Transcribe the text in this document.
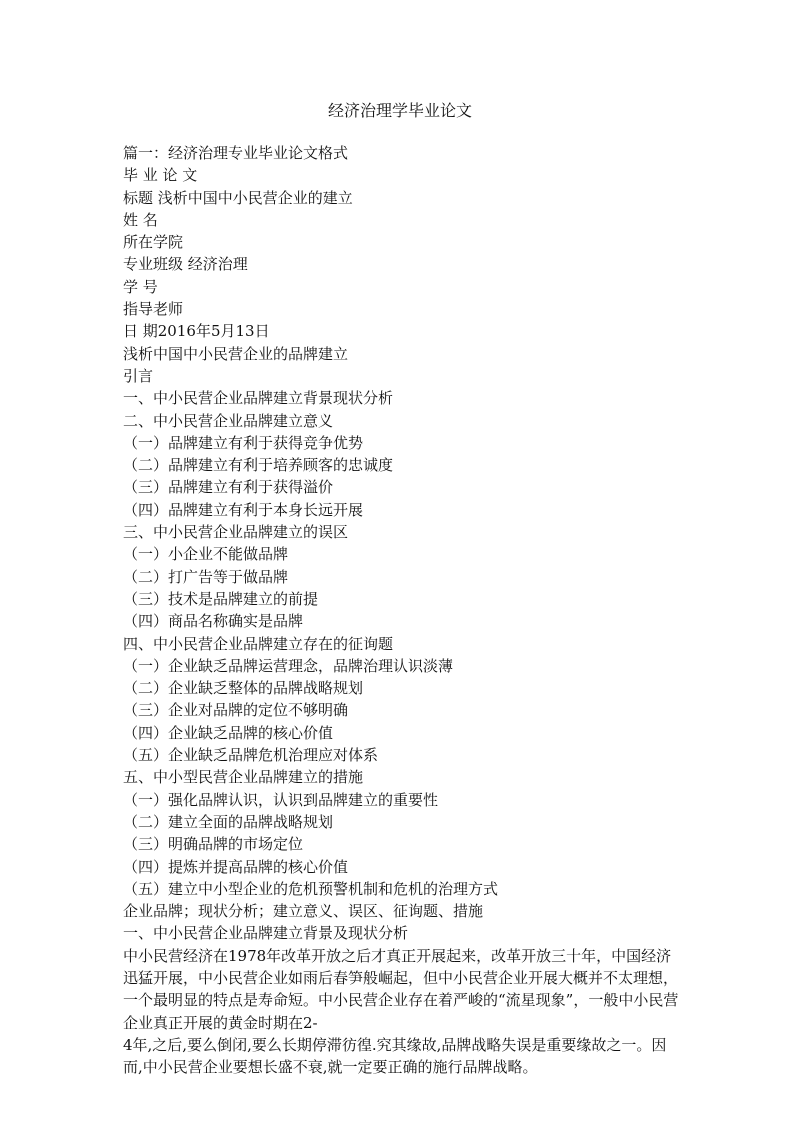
经济治理学毕业论文
篇一：经济治理专业毕业论文格式
毕 业 论 文
标题 浅析中国中小民营企业的建立
姓 名
所在学院
专业班级 经济治理
学 号
指导老师
日 期2016年5月13日
浅析中国中小民营企业的品牌建立
引言
一、中小民营企业品牌建立背景现状分析
二、中小民营企业品牌建立意义
（一）品牌建立有利于获得竞争优势
（二）品牌建立有利于培养顾客的忠诚度
（三）品牌建立有利于获得溢价
（四）品牌建立有利于本身长远开展
三、中小民营企业品牌建立的误区
（一）小企业不能做品牌
（二）打广告等于做品牌
（三）技术是品牌建立的前提
（四）商品名称确实是品牌
四、中小民营企业品牌建立存在的征询题
（一）企业缺乏品牌运营理念，品牌治理认识淡薄
（二）企业缺乏整体的品牌战略规划
（三）企业对品牌的定位不够明确
（四）企业缺乏品牌的核心价值
（五）企业缺乏品牌危机治理应对体系
五、中小型民营企业品牌建立的措施
（一）强化品牌认识，认识到品牌建立的重要性
（二）建立全面的品牌战略规划
（三）明确品牌的市场定位
（四）提炼并提高品牌的核心价值
（五）建立中小型企业的危机预警机制和危机的治理方式
企业品牌；现状分析；建立意义、误区、征询题、措施
一、中小民营企业品牌建立背景及现状分析
中小民营经济在1978年改革开放之后才真正开展起来，改革开放三十年，中国经济迅猛开展，中小民营企业如雨后春笋般崛起，但中小民营企业开展大概并不太理想，一个最明显的特点是寿命短。中小民营企业存在着严峻的“流星现象”，一般中小民营企业真正开展的黄金时期在2-
4年,之后,要么倒闭,要么长期停滞彷徨.究其缘故,品牌战略失误是重要缘故之一。因而,中小民营企业要想长盛不衰,就一定要正确的施行品牌战略。
